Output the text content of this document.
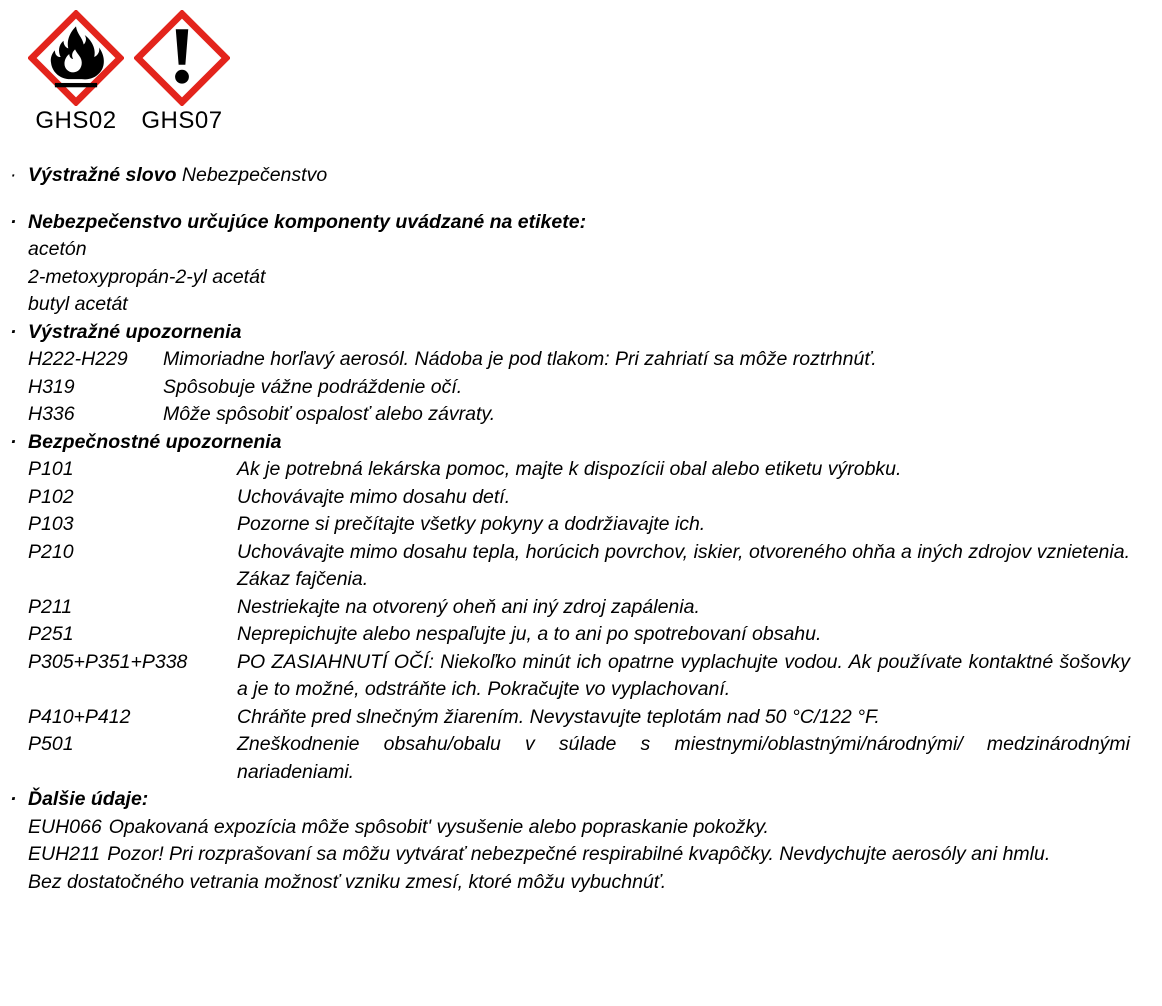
GHS02	GHS07
· Výstražné slovo Nebezpečenstvo
· Nebezpečenstvo určujúce komponenty uvádzané na etikete:
acetón
2-metoxypropán-2-yl acetát
butyl acetát
· Výstražné upozornenia
H222-H229	Mimoriadne horľavý aerosól. Nádoba je pod tlakom: Pri zahriatí sa môže roztrhnúť.
H319	Spôsobuje vážne podráždenie očí.
H336	Môže spôsobiť ospalosť alebo závraty.
· Bezpečnostné upozornenia
P101	Ak je potrebná lekárska pomoc, majte k dispozícii obal alebo etiketu výrobku.
P102	Uchovávajte mimo dosahu detí.
P103	Pozorne si prečítajte všetky pokyny a dodržiavajte ich.
P210	Uchovávajte mimo dosahu tepla, horúcich povrchov, iskier, otvoreného ohňa a iných zdrojov vznietenia. Zákaz fajčenia.
P211	Nestriekajte na otvorený oheň ani iný zdroj zapálenia.
P251	Neprepichujte alebo nespaľujte ju, a to ani po spotrebovaní obsahu.
P305+P351+P338	PO ZASIAHNUTÍ OČÍ: Niekoľko minút ich opatrne vyplachujte vodou. Ak používate kontaktné šošovky a je to možné, odstráňte ich. Pokračujte vo vyplachovaní.
P410+P412	Chráňte pred slnečným žiarením. Nevystavujte teplotám nad 50 °C/122 °F.
P501	Zneškodnenie obsahu/obalu v súlade s miestnymi/oblastnými/národnými/ medzinárodnými nariadeniami.
· Ďalšie údaje:
EUH066 Opakovaná expozícia môže spôsobit' vysušenie alebo popraskanie pokožky.
EUH211 Pozor! Pri rozprašovaní sa môžu vytvárať nebezpečné respirabilné kvapôčky. Nevdychujte aerosóly ani hmlu.
Bez dostatočného vetrania možnosť vzniku zmesí, ktoré môžu vybuchnúť.
